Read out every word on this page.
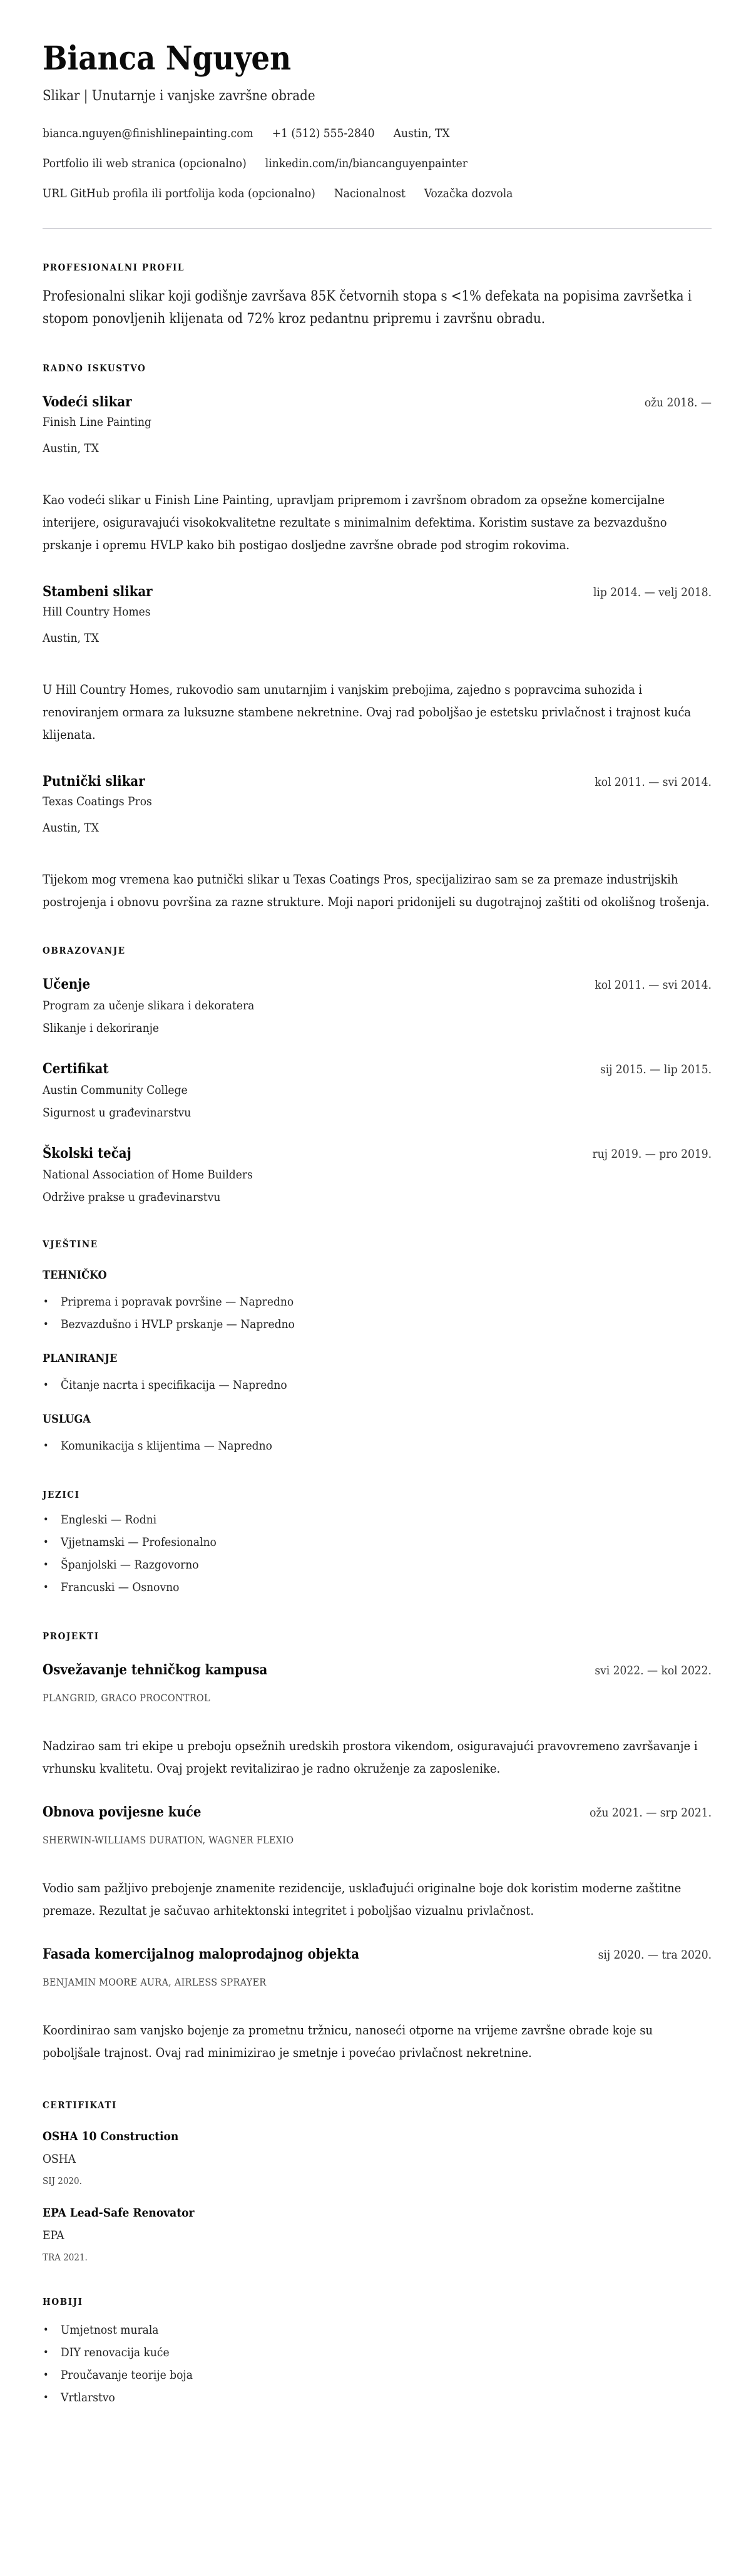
Bianca Nguyen
Slikar | Unutarnje i vanjske završne obrade
bianca.nguyen@finishlinepainting.com +1 (512) 555-2840 Austin, TX
Portfolio ili web stranica (opcionalno) linkedin.com/in/biancanguyenpainter
URL GitHub profila ili portfolija koda (opcionalno) Nacionalnost Vozačka dozvola
PROFESIONALNI PROFIL
Profesionalni slikar koji godišnje završava 85K četvornih stopa s <1% defekata na popisima završetka i stopom ponovljenih klijenata od 72% kroz pedantnu pripremu i završnu obradu.
RADNO ISKUSTVO
Vodeći slikar	ožu 2018. —
Finish Line Painting
Austin, TX
Kao vodeći slikar u Finish Line Painting, upravljam pripremom i završnom obradom za opsežne komercijalne interijere, osiguravajući visokokvalitetne rezultate s minimalnim defektima. Koristim sustave za bezvazdušno prskanje i opremu HVLP kako bih postigao dosljedne završne obrade pod strogim rokovima.
Stambeni slikar	lip 2014. — velj 2018.
Hill Country Homes
Austin, TX
U Hill Country Homes, rukovodio sam unutarnjim i vanjskim prebojima, zajedno s popravcima suhozida i renoviranjem ormara za luksuzne stambene nekretnine. Ovaj rad poboljšao je estetsku privlačnost i trajnost kuća klijenata.
Putnički slikar	kol 2011. — svi 2014.
Texas Coatings Pros
Austin, TX
Tijekom mog vremena kao putnički slikar u Texas Coatings Pros, specijalizirao sam se za premaze industrijskih postrojenja i obnovu površina za razne strukture. Moji napori pridonijeli su dugotrajnoj zaštiti od okolišnog trošenja.
OBRAZOVANJE
Učenje	kol 2011. — svi 2014.
Program za učenje slikara i dekoratera
Slikanje i dekoriranje
Certifikat	sij 2015. — lip 2015.
Austin Community College
Sigurnost u građevinarstvu
Školski tečaj	ruj 2019. — pro 2019.
National Association of Home Builders
Održive prakse u građevinarstvu
VJEŠTINE
TEHNIČKO
• Priprema i popravak površine — Napredno
• Bezvazdušno i HVLP prskanje — Napredno
PLANIRANJE
• Čitanje nacrta i specifikacija — Napredno
USLUGA
• Komunikacija s klijentima — Napredno
JEZICI
• Engleski — Rodni
• Vjjetnamski — Profesionalno
• Španjolski — Razgovorno
• Francuski — Osnovno
PROJEKTI
Osvežavanje tehničkog kampusa	svi 2022. — kol 2022.
PLANGRID, GRACO PROCONTROL
Nadzirao sam tri ekipe u preboju opsežnih uredskih prostora vikendom, osiguravajući pravovremeno završavanje i vrhunsku kvalitetu. Ovaj projekt revitalizirao je radno okruženje za zaposlenike.
Obnova povijesne kuće	ožu 2021. — srp 2021.
SHERWIN-WILLIAMS DURATION, WAGNER FLEXIO
Vodio sam pažljivo prebojenje znamenite rezidencije, usklađujući originalne boje dok koristim moderne zaštitne premaze. Rezultat je sačuvao arhitektonski integritet i poboljšao vizualnu privlačnost.
Fasada komercijalnog maloprodajnog objekta	sij 2020. — tra 2020.
BENJAMIN MOORE AURA, AIRLESS SPRAYER
Koordinirao sam vanjsko bojenje za prometnu tržnicu, nanoseći otporne na vrijeme završne obrade koje su poboljšale trajnost. Ovaj rad minimizirao je smetnje i povećao privlačnost nekretnine.
CERTIFIKATI
OSHA 10 Construction
OSHA
SIJ 2020.
EPA Lead-Safe Renovator
EPA
TRA 2021.
HOBIJI
• Umjetnost murala
• DIY renovacija kuće
• Proučavanje teorije boja
• Vrtlarstvo
